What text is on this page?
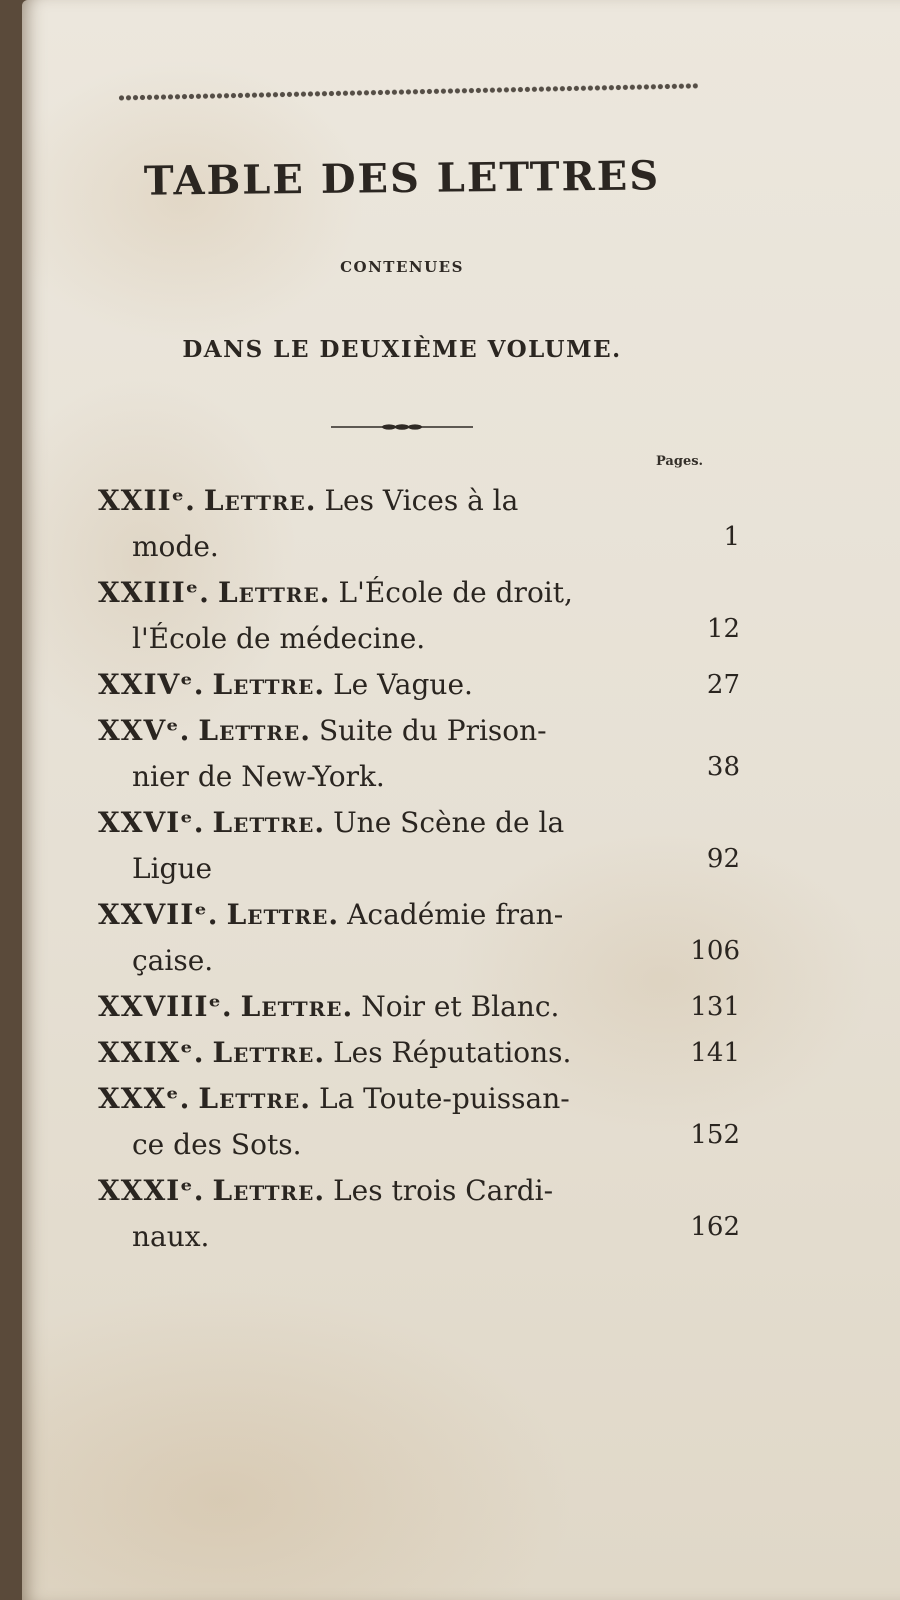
TABLE DES LETTRES

CONTENUES

DANS LE DEUXIÈME VOLUME.

Pages.

XXIIᵉ. Lettre. Les Vices à la
mode.	1
XXIIIᵉ. Lettre. L'École de droit,
l'École de médecine.	12
XXIVᵉ. Lettre. Le Vague.	27
XXVᵉ. Lettre. Suite du Prison-
nier de New-York.	38
XXVIᵉ. Lettre. Une Scène de la
Ligue	92
XXVIIᵉ. Lettre. Académie fran-
çaise.	106
XXVIIIᵉ. Lettre. Noir et Blanc.	131
XXIXᵉ. Lettre. Les Réputations.	141
XXXᵉ. Lettre. La Toute-puissan-
ce des Sots.	152
XXXIᵉ. Lettre. Les trois Cardi-
naux.	162
